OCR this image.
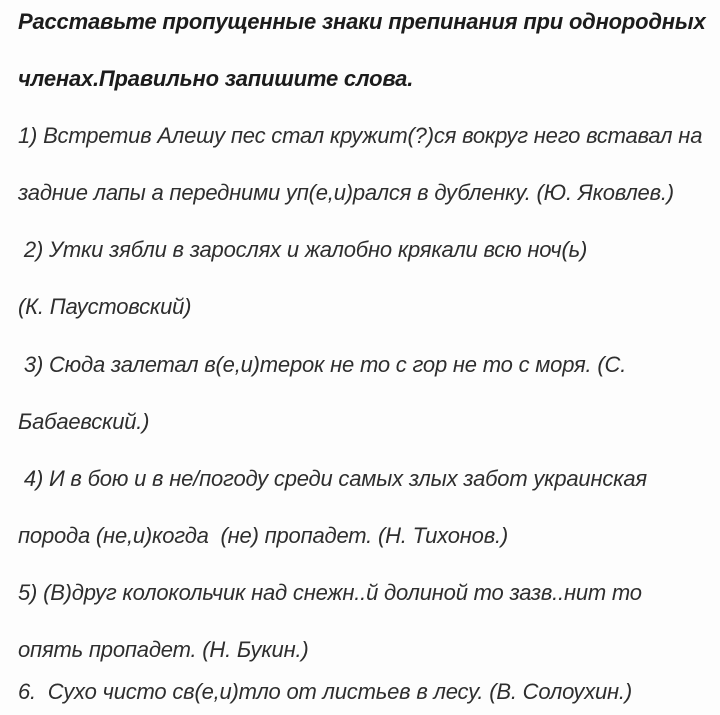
Расставьте пропущенные знаки препинания при однородных
членах.Правильно запишите слова.
1) Встретив Алешу пес стал кружит(?)ся вокруг него вставал на
задние лапы а передними уп(е,и)рался в дубленку. (Ю. Яковлев.)
2) Утки зябли в зарослях и жалобно крякали всю ноч(ь)
(К. Паустовский)
3) Сюда залетал в(е,и)терок не то с гор не то с моря. (С.
Бабаевский.)
4) И в бою и в не/погоду среди самых злых забот украинская
порода (не,и)когда  (не) пропадет. (Н. Тихонов.)
5) (В)друг колокольчик над снежн..й долиной то зазв..нит то
опять пропадет. (Н. Букин.)
6.  Сухо чисто св(е,и)тло от листьев в лесу. (В. Солоухин.)
